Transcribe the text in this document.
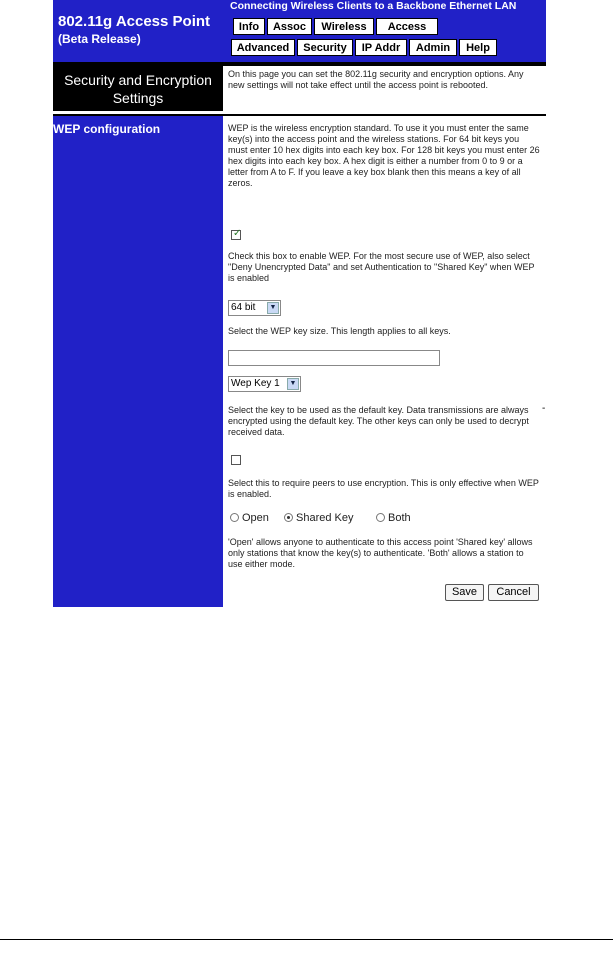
802.11g Access Point
(Beta Release)
Connecting Wireless Clients to a Backbone Ethernet LAN
Info	Assoc	Wireless	Access
Advanced	Security	IP Addr	Admin	Help
Security and Encryption
Settings
On this page you can set the 802.11g security and encryption options. Any new settings will not take effect until the access point is rebooted.
WEP configuration	WEP is the wireless encryption standard. To use it you must enter the same key(s) into the access point and the wireless stations. For 64 bit keys you must enter 10 hex digits into each key box. For 128 bit keys you must enter 26 hex digits into each key box. A hex digit is either a number from 0 to 9 or a letter from A to F. If you leave a key box blank then this means a key of all zeros.
Enable WEP:
✓
Check this box to enable WEP. For the most secure use of WEP, also select "Deny Unencrypted Data" and set Authentication to "Shared Key" when WEP is enabled
WEP key lengths:
64 bit	▼
Select the WEP key size. This length applies to all keys.
WEP key:
Default WEP key to use:
Wep Key 1	▼
Select the key to be used as the default key. Data transmissions are always encrypted using the default key. The other keys can only be used to decrypt received data.
Deny unencrypted data:
Select this to require peers to use encryption. This is only effective when WEP is enabled.
Authentication:
Open	Shared Key	Both
'Open' allows anyone to authenticate to this access point 'Shared key' allows only stations that know the key(s) to authenticate. 'Both' allows a station to use either mode.
Save	Cancel
-
